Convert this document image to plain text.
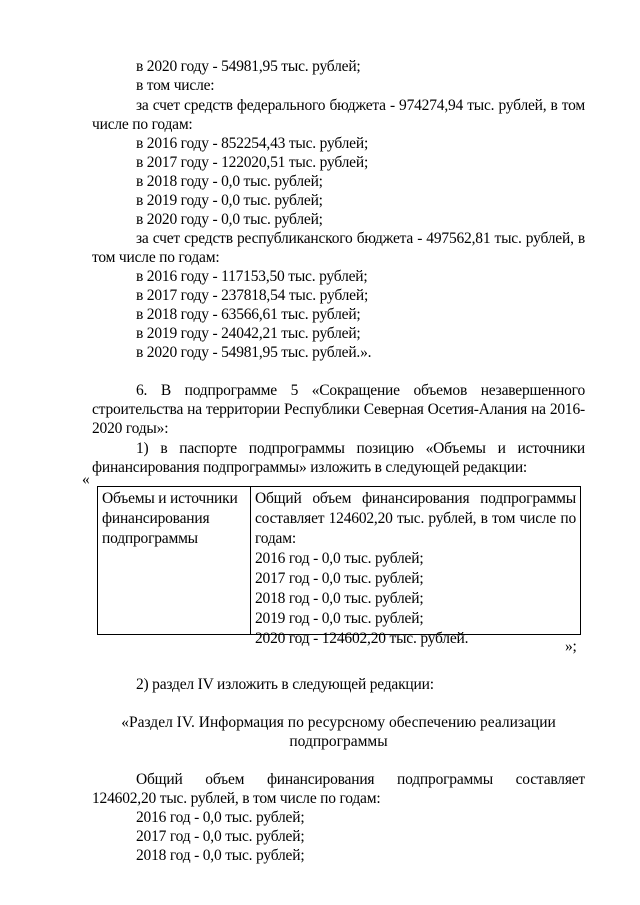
в 2020 году - 54981,95 тыс. рублей;
в том числе:
за счет средств федерального бюджета - 974274,94 тыс. рублей, в том
числе по годам:
в 2016 году - 852254,43 тыс. рублей;
в 2017 году - 122020,51 тыс. рублей;
в 2018 году - 0,0 тыс. рублей;
в 2019 году - 0,0 тыс. рублей;
в 2020 году - 0,0 тыс. рублей;
за счет средств республиканского бюджета - 497562,81 тыс. рублей, в
том числе по годам:
в 2016 году - 117153,50 тыс. рублей;
в 2017 году - 237818,54 тыс. рублей;
в 2018 году - 63566,61 тыс. рублей;
в 2019 году - 24042,21 тыс. рублей;
в 2020 году - 54981,95 тыс. рублей.».
6. В подпрограмме 5 «Сокращение объемов незавершенного
строительства на территории Республики Северная Осетия-Алания на 2016-
2020 годы»:
1) в паспорте подпрограммы позицию «Объемы и источники
финансирования подпрограммы» изложить в следующей редакции:
«
Объемы и источники
финансирования
подпрограммы
Общий объем финансирования подпрограммы
составляет 124602,20 тыс. рублей, в том числе по
годам:
2016 год - 0,0 тыс. рублей;
2017 год - 0,0 тыс. рублей;
2018 год - 0,0 тыс. рублей;
2019 год - 0,0 тыс. рублей;
2020 год - 124602,20 тыс. рублей.	»;
2) раздел IV изложить в следующей редакции:
«Раздел IV. Информация по ресурсному обеспечению реализации
подпрограммы
Общий объем финансирования подпрограммы составляет
124602,20 тыс. рублей, в том числе по годам:
2016 год - 0,0 тыс. рублей;
2017 год - 0,0 тыс. рублей;
2018 год - 0,0 тыс. рублей;
